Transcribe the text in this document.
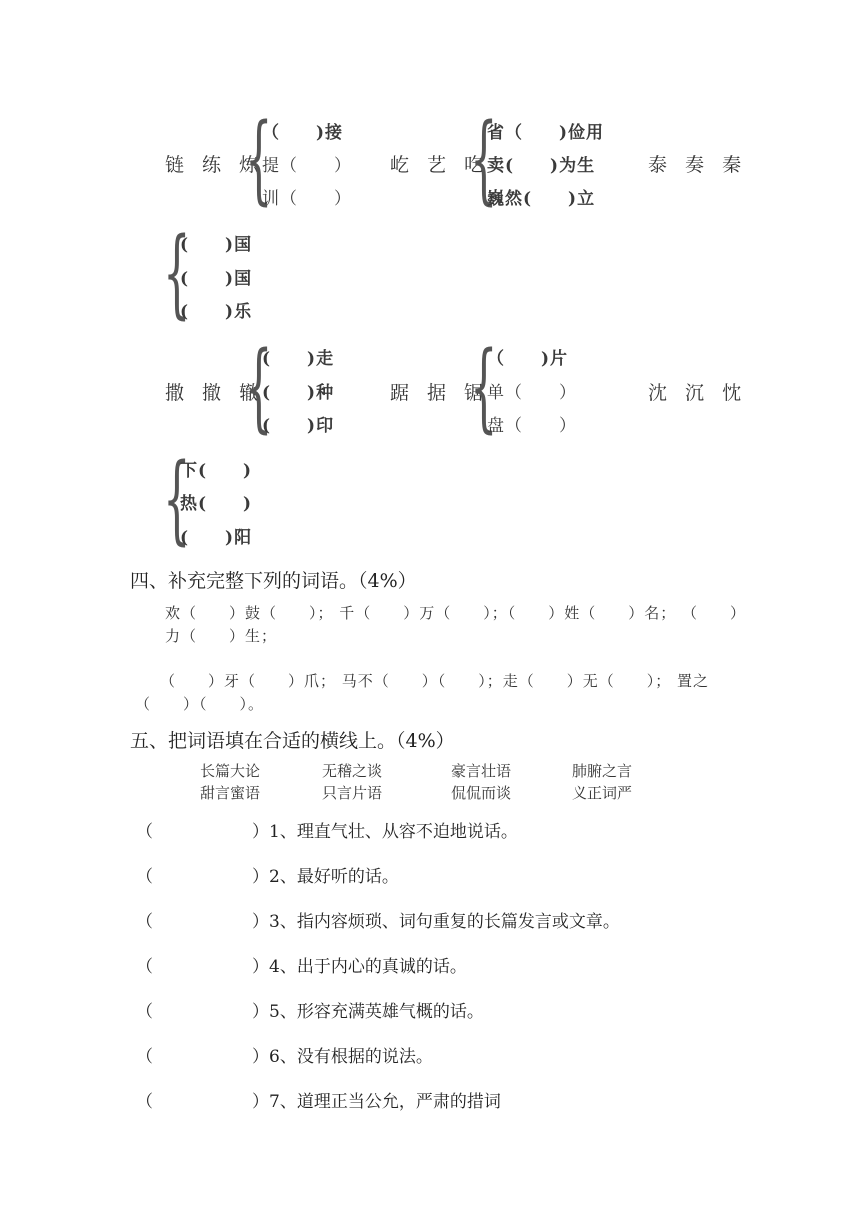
链 练 炼
{
（　　)接
提（　　）
训（　　）
屹 艺 吃
{
省（　　)俭用
卖(　　)为生
巍然(　　)立
泰 奏 秦
{
(　　)国
(　　)国
(　　)乐
撒 撤 辙
{
(　　)走
(　　)种
(　　)印
踞 据 锯
{
（　　)片
单（　　）
盘（　　）
沈 沉 忱
{
下(　　)
热(　　)
(　　)阳
四、补充完整下列的词语。（4%）
欢（　　）鼓（　　）； 千（　　）万（　　）；（　　）姓（　　）名； （　　）
力（　　）生；
（　　）牙（　　）爪； 马不（　　）（　　）；走（　　）无（　　）； 置之
（　　）（　　）。
五、把词语填在合适的横线上。（4%）
长篇大论	无稽之谈	豪言壮语	肺腑之言
甜言蜜语	只言片语	侃侃而谈	义正词严
（	）1、理直气壮、从容不迫地说话。
（	）2、最好听的话。
（	）3、指内容烦琐、词句重复的长篇发言或文章。
（	）4、出于内心的真诚的话。
（	）5、形容充满英雄气概的话。
（	）6、没有根据的说法。
（	）7、道理正当公允，严肃的措词
